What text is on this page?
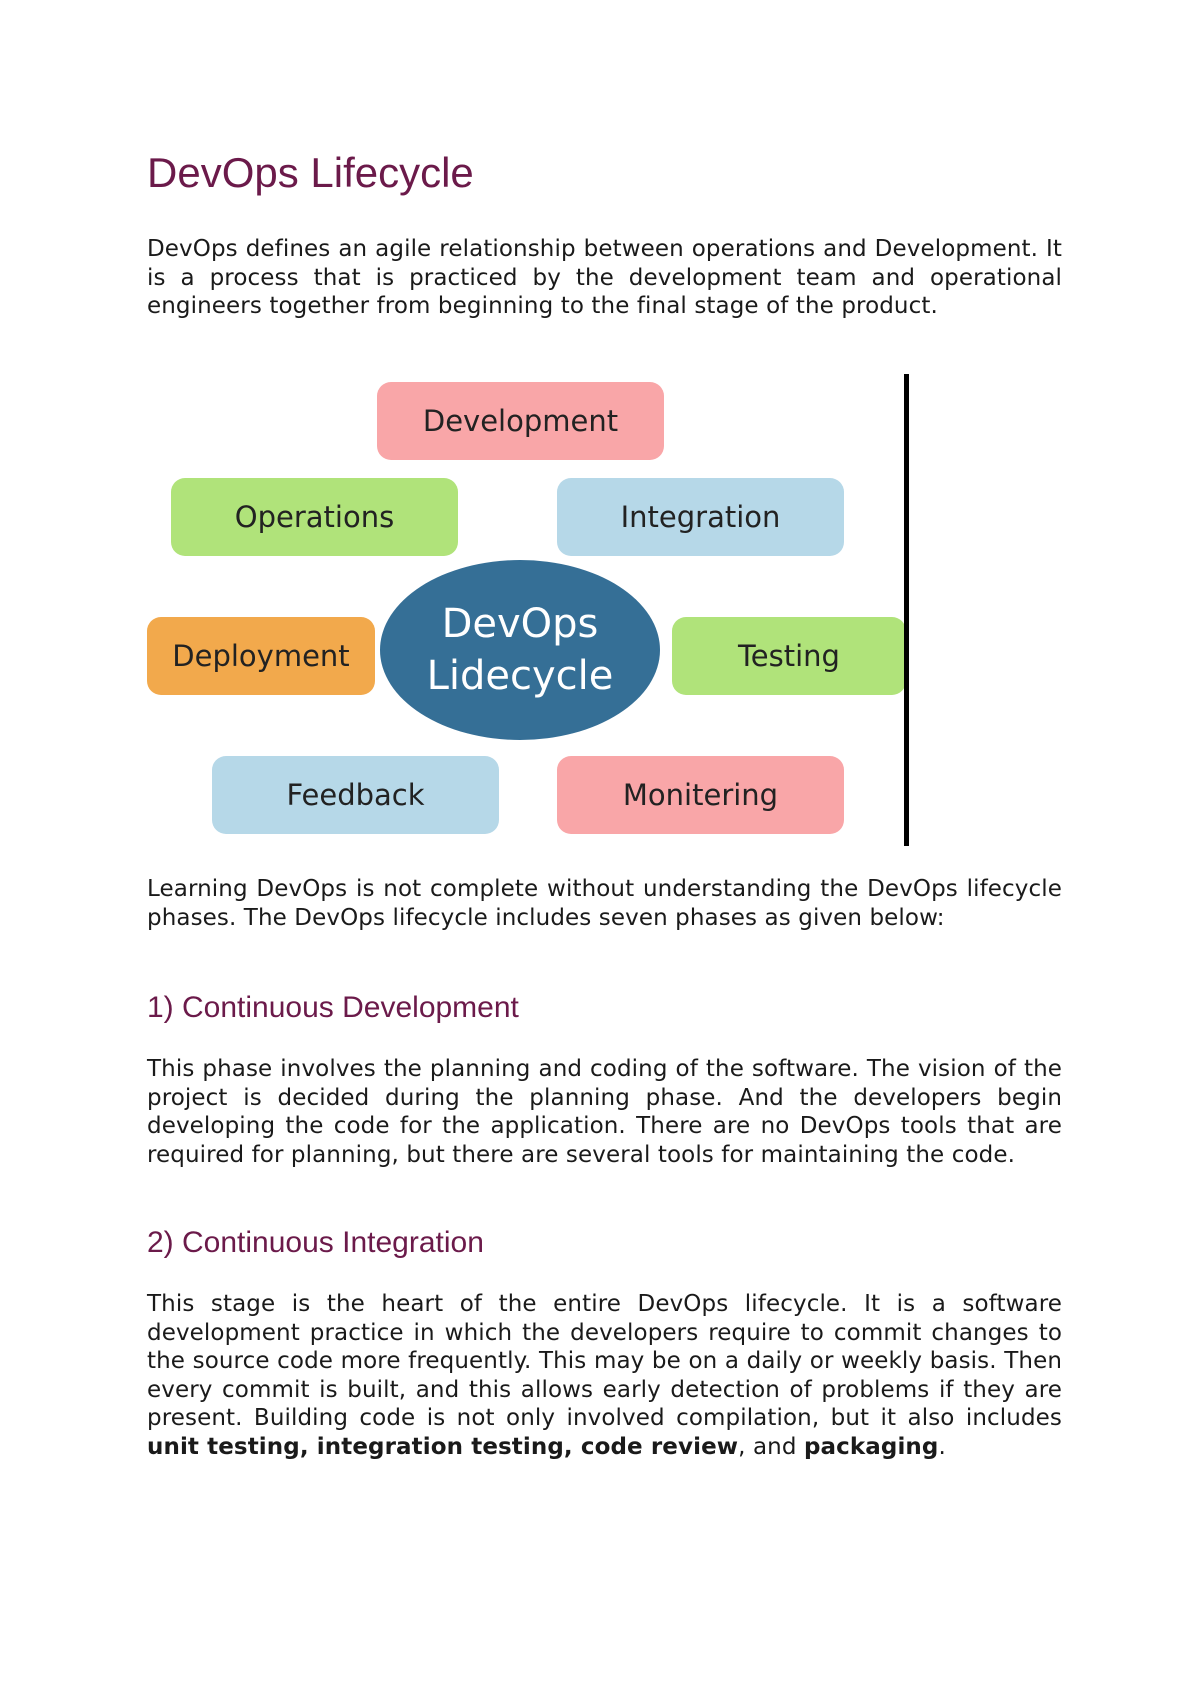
DevOps Lifecycle

DevOps defines an agile relationship between operations and Development. It is a process that is practiced by the development team and operational engineers together from beginning to the final stage of the product.

Development
Operations	Integration
Deployment	Testing
Feedback	Monitering
DevOps
Lidecycle

Learning DevOps is not complete without understanding the DevOps lifecycle phases. The DevOps lifecycle includes seven phases as given below:

1) Continuous Development

This phase involves the planning and coding of the software. The vision of the project is decided during the planning phase. And the developers begin developing the code for the application. There are no DevOps tools that are required for planning, but there are several tools for maintaining the code.

2) Continuous Integration

This stage is the heart of the entire DevOps lifecycle. It is a software development practice in which the developers require to commit changes to the source code more frequently. This may be on a daily or weekly basis. Then every commit is built, and this allows early detection of problems if they are present. Building code is not only involved compilation, but it also includes unit testing, integration testing, code review, and packaging.
